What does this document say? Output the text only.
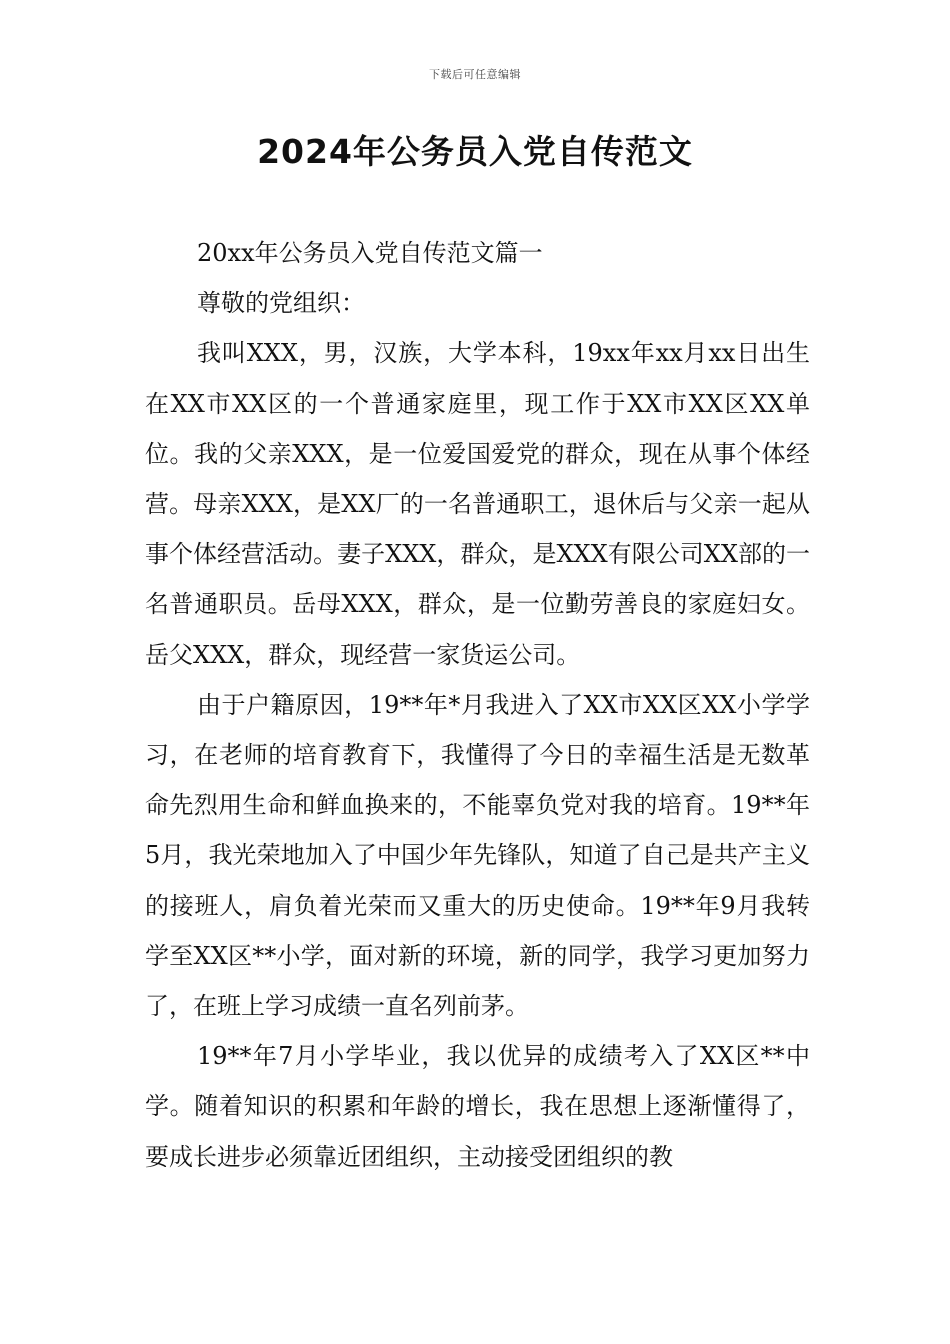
下载后可任意编辑
2024年公务员入党自传范文

20xx年公务员入党自传范文篇一

尊敬的党组织：

我叫XXX，男，汉族，大学本科，19xx年xx月xx日出生在XX市XX区的一个普通家庭里，现工作于XX市XX区XX单位。我的父亲XXX，是一位爱国爱党的群众，现在从事个体经营。母亲XXX，是XX厂的一名普通职工，退休后与父亲一起从事个体经营活动。妻子XXX，群众，是XXX有限公司XX部的一名普通职员。岳母XXX，群众，是一位勤劳善良的家庭妇女。岳父XXX，群众，现经营一家货运公司。

由于户籍原因，19**年*月我进入了XX市XX区XX小学学习，在老师的培育教育下，我懂得了今日的幸福生活是无数革命先烈用生命和鲜血换来的，不能辜负党对我的培育。19**年5月，我光荣地加入了中国少年先锋队，知道了自己是共产主义的接班人，肩负着光荣而又重大的历史使命。19**年9月我转学至XX区**小学，面对新的环境，新的同学，我学习更加努力了，在班上学习成绩一直名列前茅。

19**年7月小学毕业，我以优异的成绩考入了XX区**中学。随着知识的积累和年龄的增长，我在思想上逐渐懂得了，要成长进步必须靠近团组织，主动接受团组织的教
